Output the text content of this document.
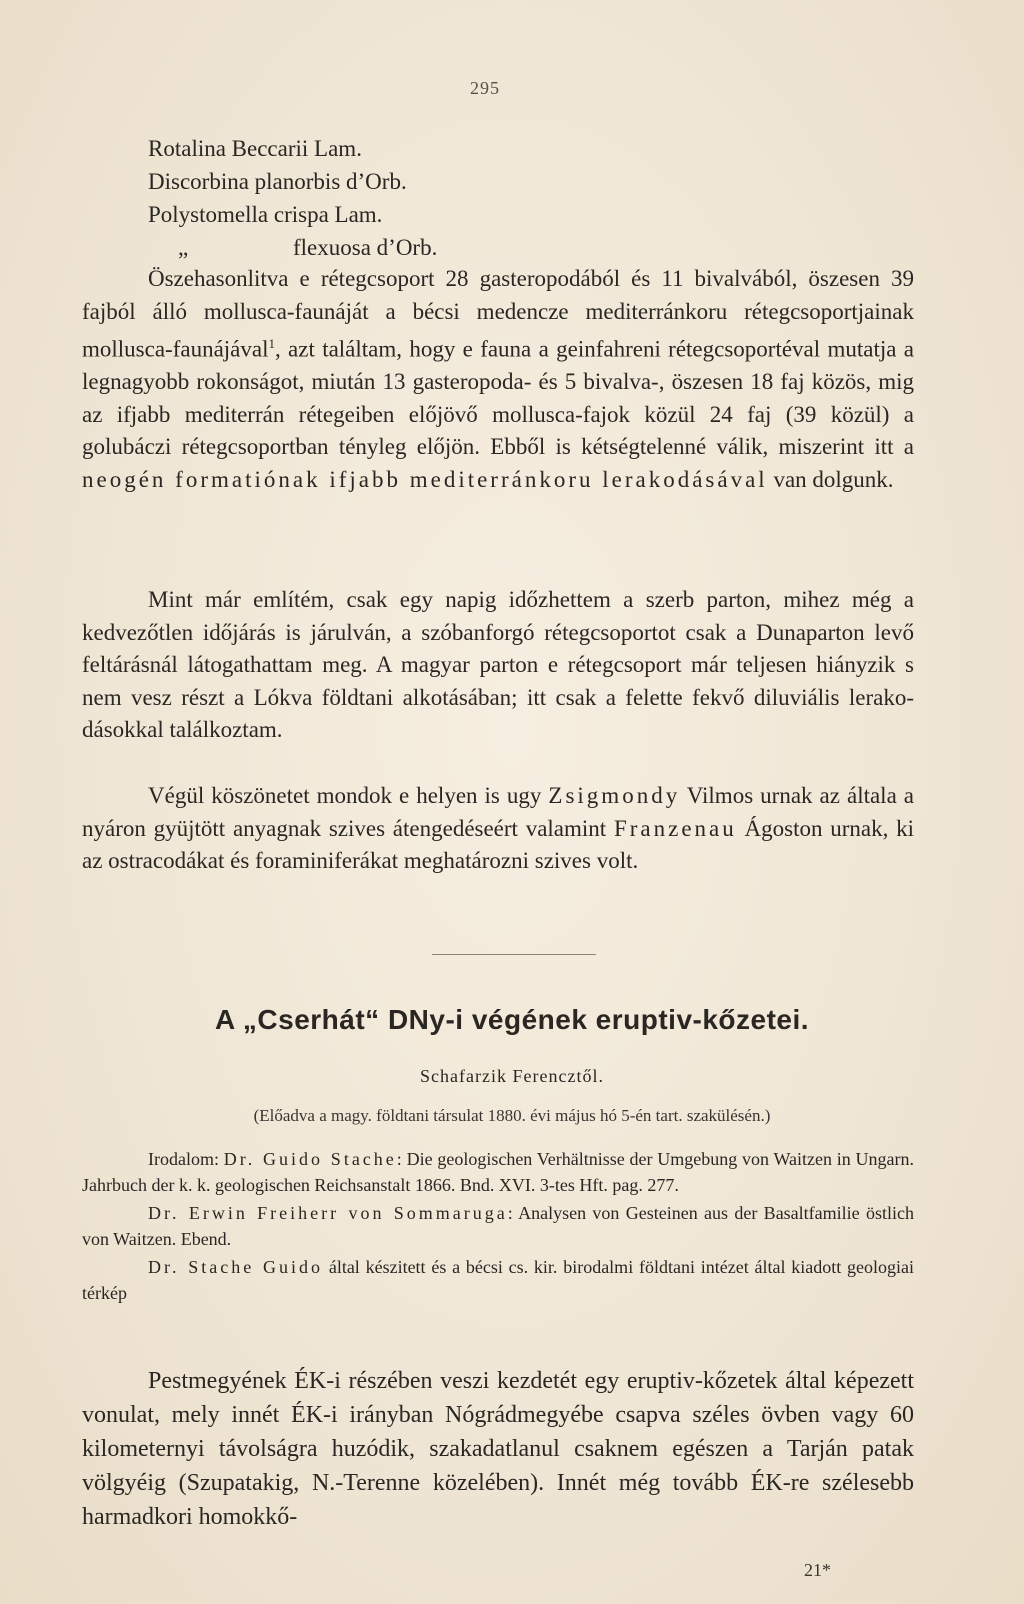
295
Rotalina Beccarii Lam.
Discorbina planorbis d’Orb.
Polystomella crispa Lam.
„	flexuosa d’Orb.

Öszehasonlitva e rétegcsoport 28 gasteropodából és 11 bivalvából, öszesen 39 fajból álló mollusca-faunáját a bécsi medencze mediterránkoru rétegcsoportjainak mollusca-faunájával$^1$, azt találtam, hogy e fauna a geinfahreni rétegcsoportéval mutatja a legnagyobb rokonságot, miután 13 gasteropoda- és 5 bivalva-, öszesen 18 faj közös, mig az ifjabb mediterrán rétegeiben előjövő mollusca-fajok közül 24 faj (39 közül) a golubáczi rétegcsoportban tényleg előjön. Ebből is kétségtelenné válik, miszerint itt a neogén formatiónak ifjabb mediterránkoru lerakodásával van dolgunk.

Mint már említém, csak egy napig időzhettem a szerb parton, mihez még a kedvezőtlen időjárás is járulván, a szóbanforgó rétegcsoportot csak a Dunaparton levő feltárásnál látogathattam meg. A magyar parton e rétegcsoport már teljesen hiányzik s nem vesz részt a Lókva földtani alkotásában; itt csak a felette fekvő diluviális lerakodásokkal találkoztam.

Végül köszönetet mondok e helyen is ugy Zsigmondy Vilmos urnak az általa a nyáron gyüjtött anyagnak szives átengedéseért valamint Franzenau Ágoston urnak, ki az ostracodákat és foraminiferákat meghatározni szives volt.

A „Cserhát“ DNy-i végének eruptiv-kőzetei.
Schafarzik Ferencztől.
(Előadva a magy. földtani társulat 1880. évi május hó 5-én tart. szakülésén.)

Irodalom: Dr. Guido Stache: Die geologischen Verhältnisse der Umgebung von Waitzen in Ungarn. Jahrbuch der k. k. geologischen Reichsanstalt 1866. Bnd. XVI. 3-tes Hft. pag. 277.

Dr. Erwin Freiherr von Sommaruga: Analysen von Gesteinen aus der Basaltfamilie östlich von Waitzen. Ebend.

Dr. Stache Guido által készitett és a bécsi cs. kir. birodalmi földtani intézet által kiadott geologiai térkép

Pestmegyének ÉK-i részében veszi kezdetét egy eruptiv-kőzetek által képezett vonulat, mely innét ÉK-i irányban Nógrádmegyébe csapva széles övben vagy 60 kilometernyi távolságra huzódik, szakadatlanul csaknem egészen a Tarján patak völgyéig (Szupatakig, N.-Terenne közelében). Innét még tovább ÉK-re szélesebb harmadkori homokkő-

21*
